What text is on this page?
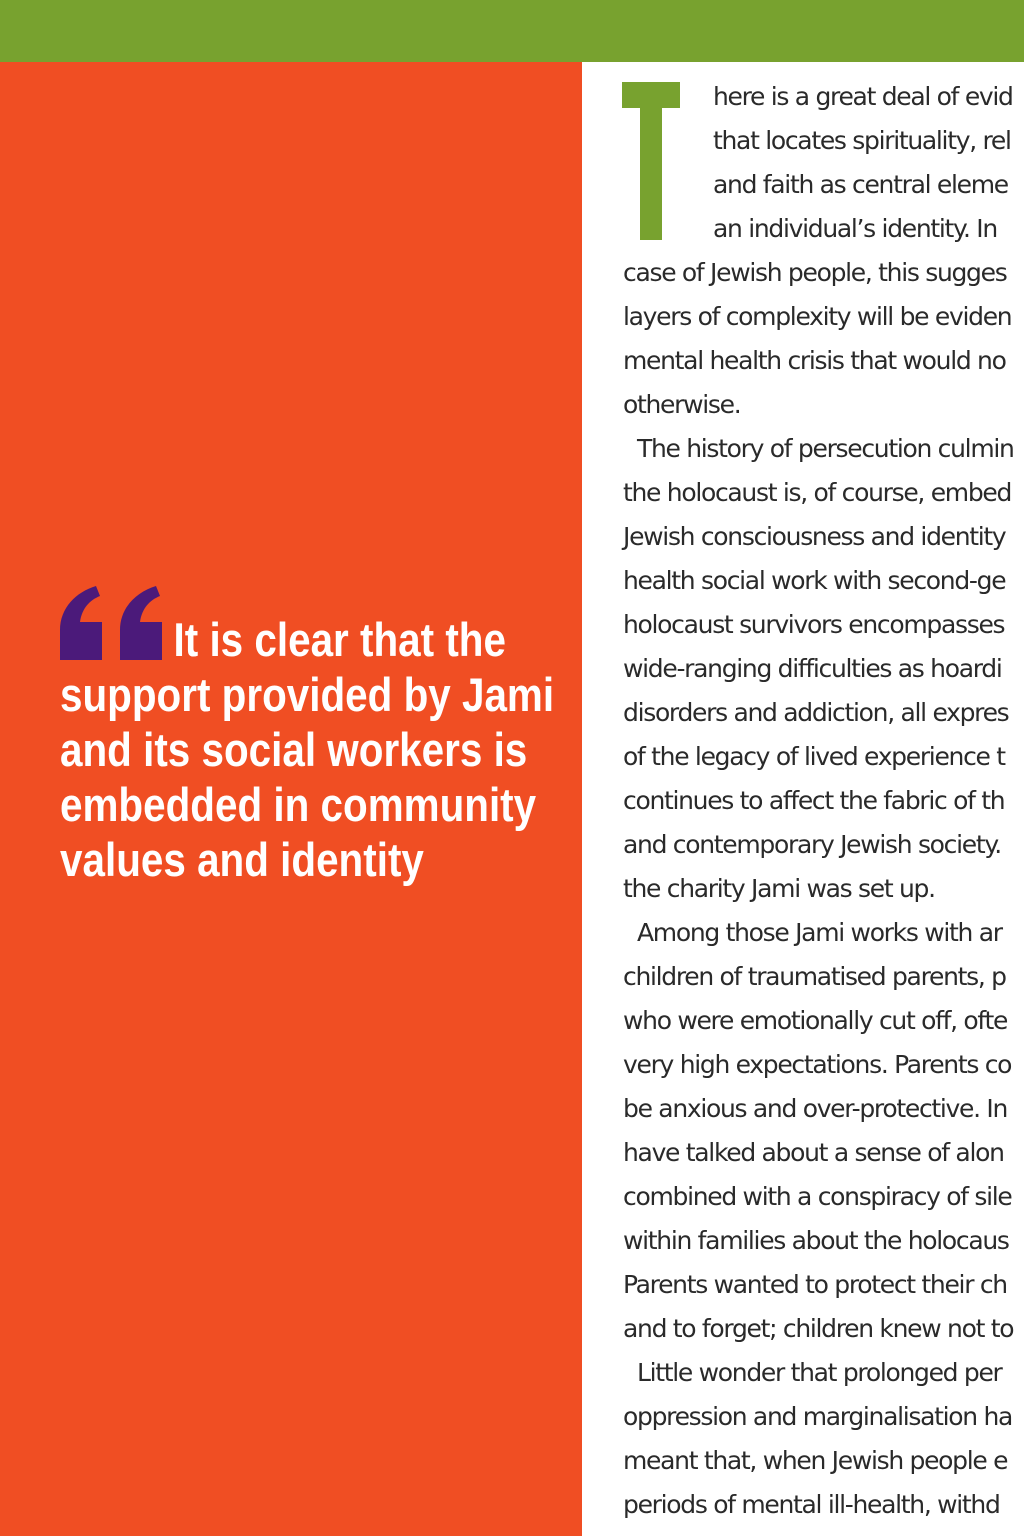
It is clear that the
support provided by Jami
and its social workers is
embedded in community
values and identity

here is a great deal of evid
that locates spirituality, rel
and faith as central eleme
an individual’s identity. In
case of Jewish people, this sugges
layers of complexity will be eviden
mental health crisis that would no
otherwise.
The history of persecution culmin
the holocaust is, of course, embed
Jewish consciousness and identity
health social work with second-ge
holocaust survivors encompasses
wide-ranging difficulties as hoardi
disorders and addiction, all expres
of the legacy of lived experience t
continues to affect the fabric of th
and contemporary Jewish society.
the charity Jami was set up.
Among those Jami works with ar
children of traumatised parents, p
who were emotionally cut off, ofte
very high expectations. Parents co
be anxious and over-protective. In
have talked about a sense of alon
combined with a conspiracy of sile
within families about the holocaus
Parents wanted to protect their ch
and to forget; children knew not to
Little wonder that prolonged per
oppression and marginalisation ha
meant that, when Jewish people e
periods of mental ill-health, withd
